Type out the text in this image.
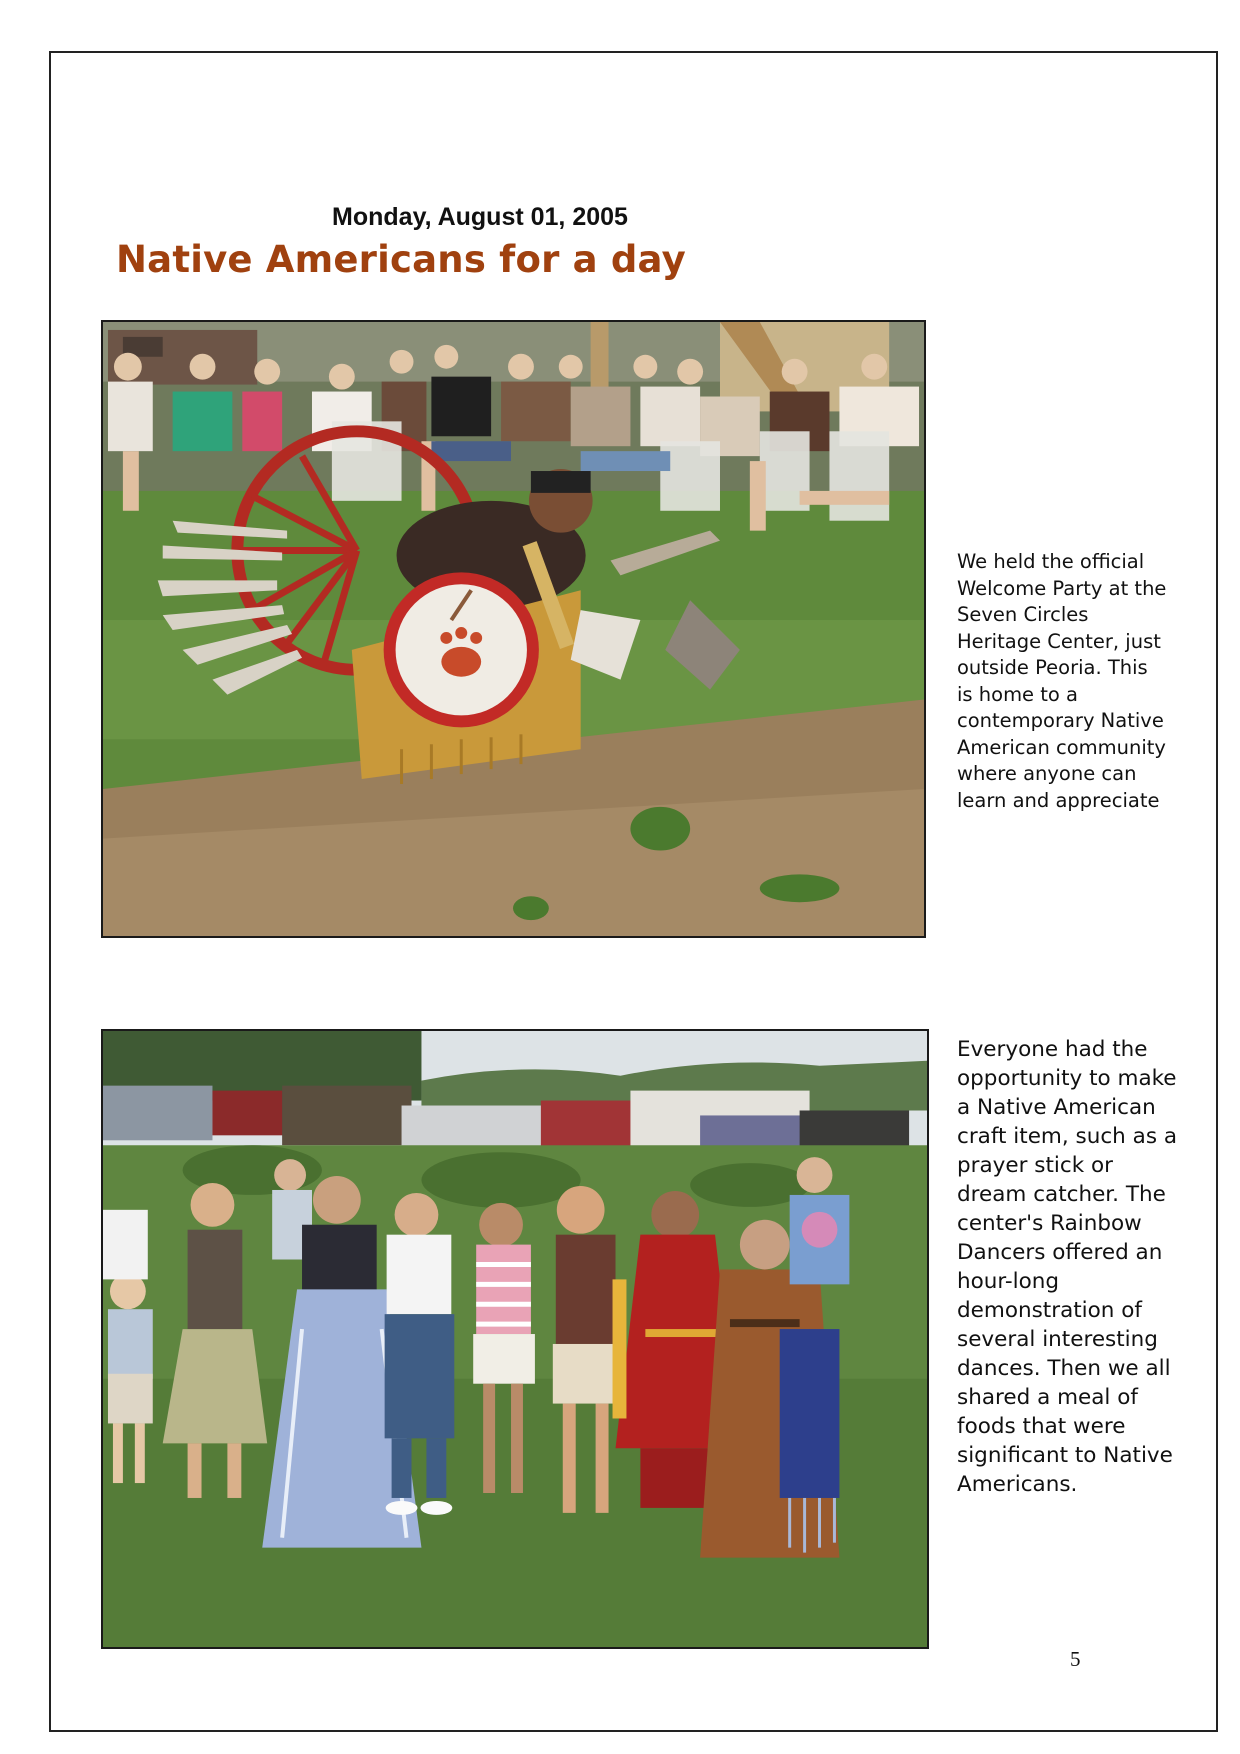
Monday, August 01, 2005
Native Americans for a day
We held the official Welcome Party at the Seven Circles Heritage Center, just outside Peoria. This is home to a contemporary Native American community where anyone can learn and appreciate
Everyone had the opportunity to make a Native American craft item, such as a prayer stick or dream catcher. The center's Rainbow Dancers offered an hour-long demonstration of several interesting dances. Then we all shared a meal of foods that were significant to Native Americans.
5
